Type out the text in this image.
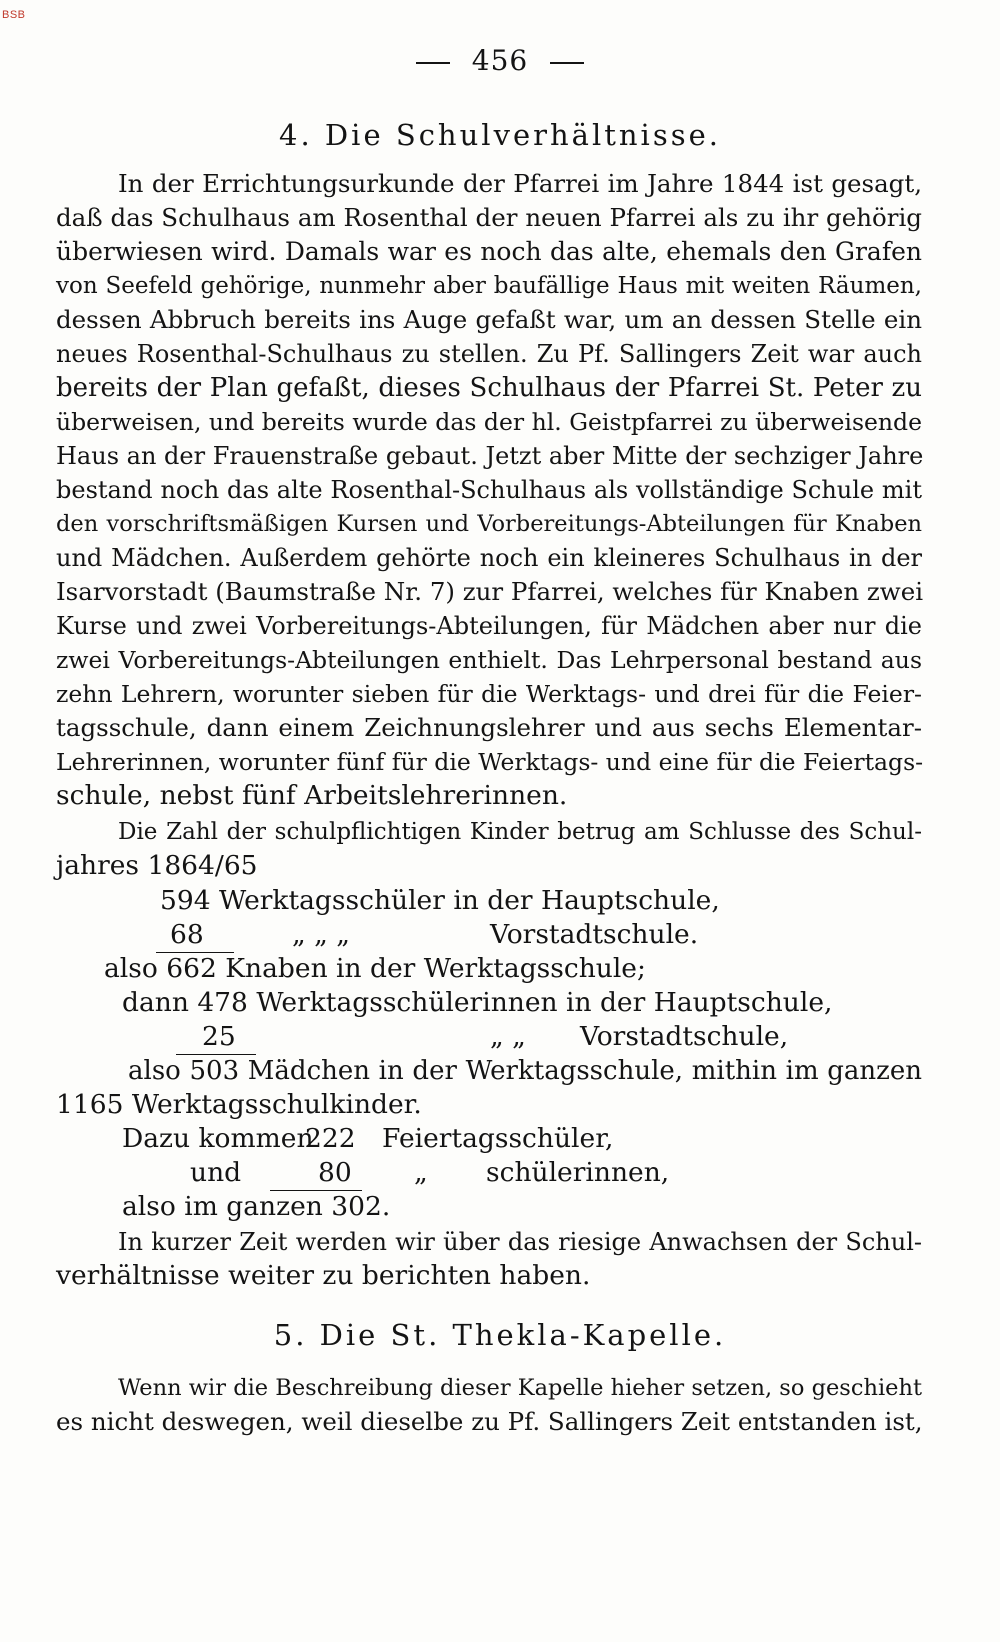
BSB
456
4. Die Schulverhältnisse.
In der Errichtungsurkunde der Pfarrei im Jahre 1844 ist gesagt,
daß das Schulhaus am Rosenthal der neuen Pfarrei als zu ihr gehörig
überwiesen wird. Damals war es noch das alte, ehemals den Grafen
von Seefeld gehörige, nunmehr aber baufällige Haus mit weiten Räumen,
dessen Abbruch bereits ins Auge gefaßt war, um an dessen Stelle ein
neues Rosenthal-Schulhaus zu stellen. Zu Pf. Sallingers Zeit war auch
bereits der Plan gefaßt, dieses Schulhaus der Pfarrei St. Peter zu
überweisen, und bereits wurde das der hl. Geistpfarrei zu überweisende
Haus an der Frauenstraße gebaut. Jetzt aber Mitte der sechziger Jahre
bestand noch das alte Rosenthal-Schulhaus als vollständige Schule mit
den vorschriftsmäßigen Kursen und Vorbereitungs-Abteilungen für Knaben
und Mädchen. Außerdem gehörte noch ein kleineres Schulhaus in der
Isarvorstadt (Baumstraße Nr. 7) zur Pfarrei, welches für Knaben zwei
Kurse und zwei Vorbereitungs-Abteilungen, für Mädchen aber nur die
zwei Vorbereitungs-Abteilungen enthielt. Das Lehrpersonal bestand aus
zehn Lehrern, worunter sieben für die Werktags- und drei für die Feier-
tagsschule, dann einem Zeichnungslehrer und aus sechs Elementar-
Lehrerinnen, worunter fünf für die Werktags- und eine für die Feiertags-
schule, nebst fünf Arbeitslehrerinnen.
Die Zahl der schulpflichtigen Kinder betrug am Schlusse des Schul-
jahres 1864/65
594 Werktagsschüler in der Hauptschule,
68	„ „ „	Vorstadtschule.
also 662 Knaben in der Werktagsschule;
dann 478 Werktagsschülerinnen in der Hauptschule,
25	„ „ Vorstadtschule,
also 503 Mädchen in der Werktagsschule, mithin im ganzen
1165 Werktagsschulkinder.
Dazu kommen
222 Feiertagsschüler,
und	80 „ schülerinnen,
also im ganzen 302.
In kurzer Zeit werden wir über das riesige Anwachsen der Schul-
verhältnisse weiter zu berichten haben.
5. Die St. Thekla-Kapelle.
Wenn wir die Beschreibung dieser Kapelle hieher setzen, so geschieht
es nicht deswegen, weil dieselbe zu Pf. Sallingers Zeit entstanden ist,
